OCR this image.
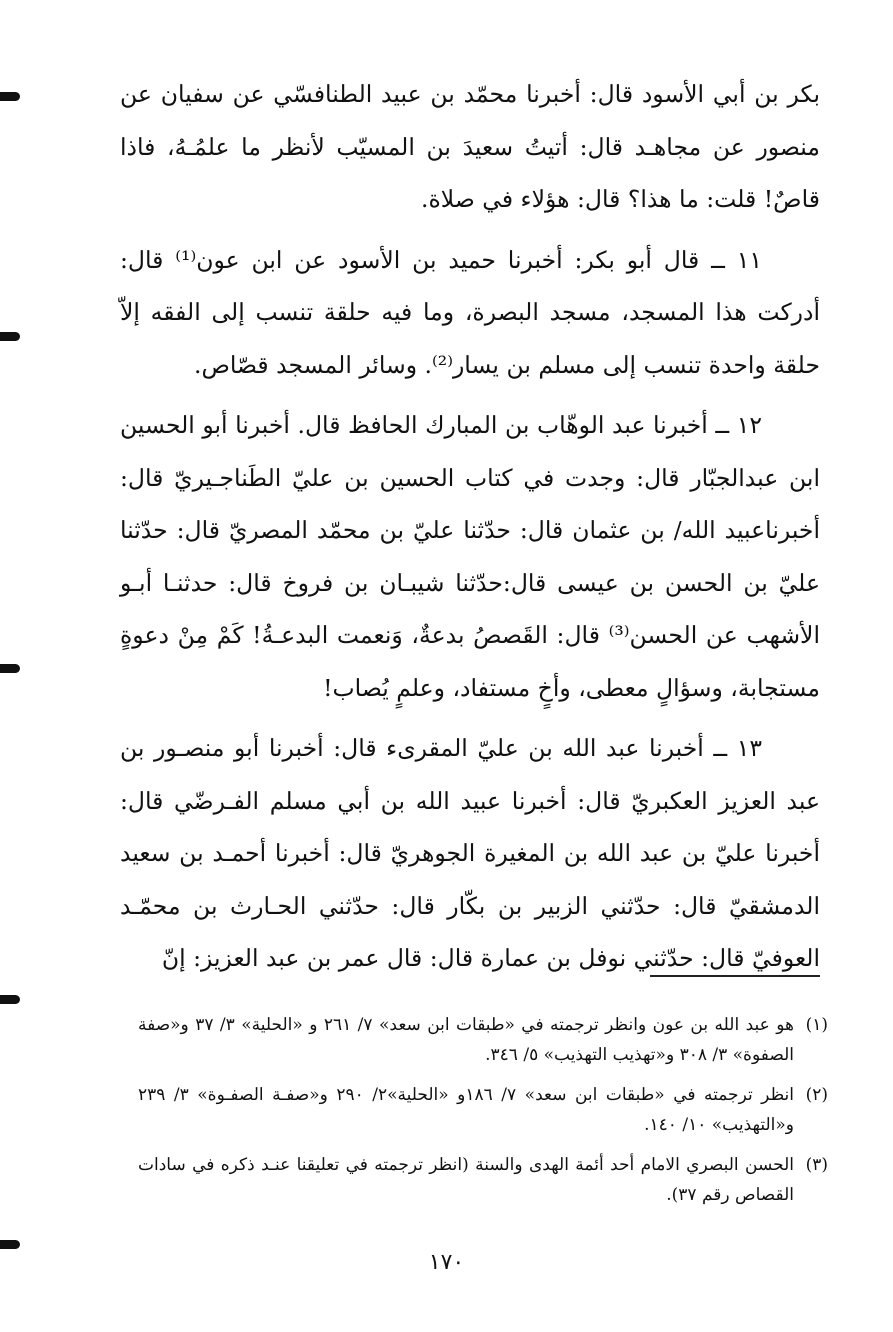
بكر بن أبي الأسود قال: أخبرنا محمّد بن عبيد الطنافسّي عن سفيان عن منصور عن مجاهـد قال: أتيتُ سعيدَ بن المسيّب لأنظر ما علمُـهُ، فاذا قاصٌ! قلت: ما هذا؟ قال: هؤلاء في صلاة.

١١ ــ قال أبو بكر: أخبرنا حميد بن الأسود عن ابن عون⁽¹⁾ قال: أدركت هذا المسجد، مسجد البصرة، وما فيه حلقة تنسب إلى الفقه إلاّ حلقة واحدة تنسب إلى مسلم بن يسار⁽²⁾. وسائر المسجد قصّاص.

١٢ ــ أخبرنا عبد الوهّاب بن المبارك الحافظ قال. أخبرنا أبو الحسين ابن عبدالجبّار قال: وجدت في كتاب الحسين بن عليّ الطَناجـيريّ قال: أخبرناعبيد الله/ بن عثمان قال: حدّثنا عليّ بن محمّد المصريّ قال: حدّثنا عليّ بن الحسن بن عيسى قال:حدّثنا شيبـان بن فروخ قال: حدثنـا أبـو الأشهب عن الحسن⁽³⁾ قال: القَصصُ بدعةٌ، وَنعمت البدعـةُ! كَمْ مِنْ دعوةٍ مستجابة، وسؤالٍ معطى، وأخٍ مستفاد، وعلمٍ يُصاب!

١٣ ــ أخبرنا عبد الله بن عليّ المقرىء قال: أخبرنا أبو منصـور بن عبد العزيز العكبريّ قال: أخبرنا عبيد الله بن أبي مسلم الفـرضّي قال: أخبرنا عليّ بن عبد الله بن المغيرة الجوهريّ قال: أخبرنا أحمـد بن سعيد الدمشقيّ قال: حدّثني الزبير بن بكّار قال: حدّثني الحـارث بن محمّـد العوفيّ قال: حدّثني نوفل بن عمارة قال: قال عمر بن عبد العزيز: إنّ

(١)
هو عبد الله بن عون وانظر ترجمته في «طبقات ابن سعد» ٧/ ٢٦١ و «الحلية» ٣/ ٣٧ و«صفة الصفوة» ٣/ ٣٠٨ و«تهذيب التهذيب» ٥/ ٣٤٦.
(٢)
انظر ترجمته في «طبقات ابن سعد» ٧/ ١٨٦و «الحلية»٢/ ٢٩٠ و«صفـة الصفـوة» ٣/ ٢٣٩ و«التهذيب» ١٠/ ١٤٠.
(٣)
الحسن البصري الامام أحد أئمة الهدى والسنة (انظر ترجمته في تعليقنا عنـد ذكره في سادات القصاص رقم ٣٧).
١٧٠
